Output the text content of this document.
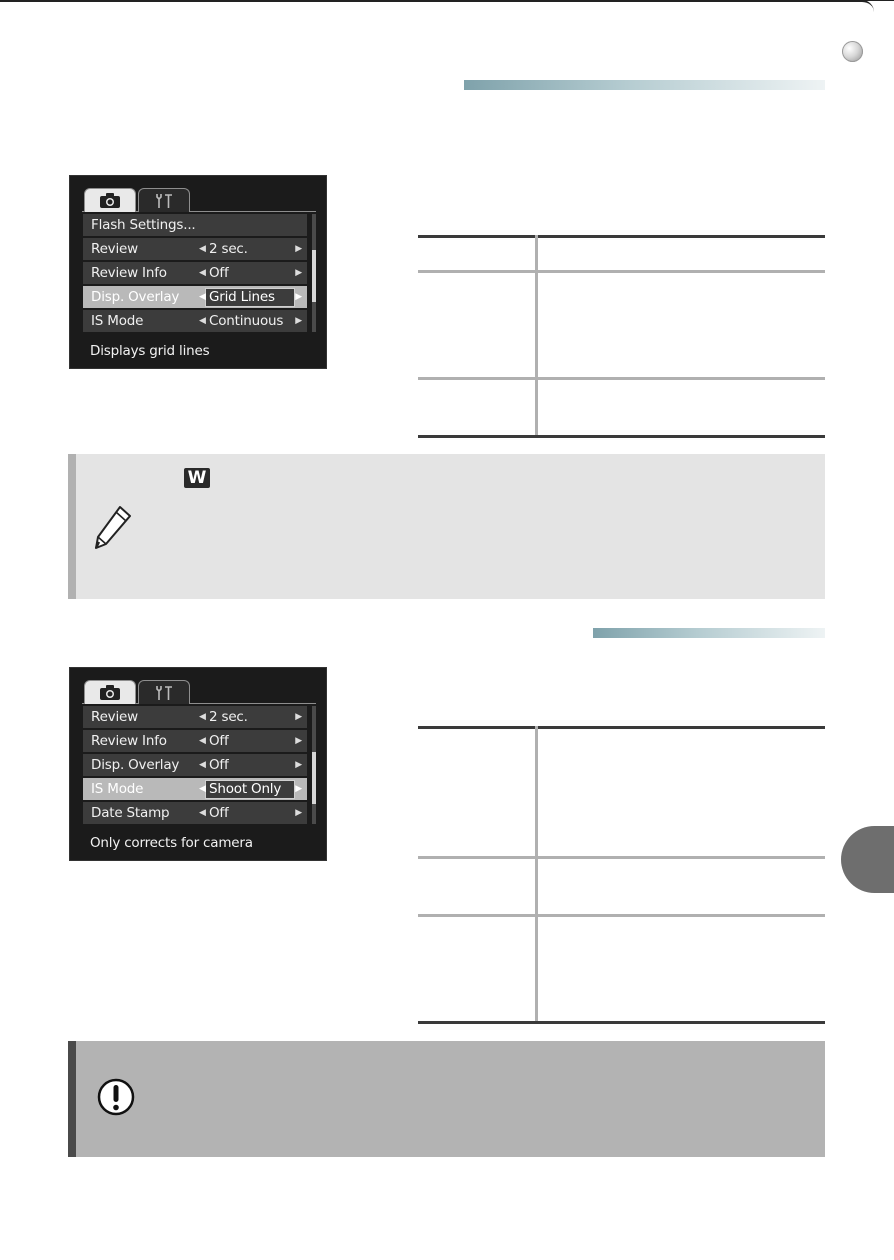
Flash Settings...
Review	◀	▶
2 sec.
Review Info	◀	▶
Off
Disp. Overlay ◀	▶
Grid Lines
IS Mode	◀	▶
Continuous
Displays grid lines
W
Review	◀	▶
2 sec.
Review Info	◀	▶
Off
Disp. Overlay ◀	▶
Off
IS Mode	◀	▶
Shoot Only
Date Stamp	◀	▶
Off
Only corrects for camera
